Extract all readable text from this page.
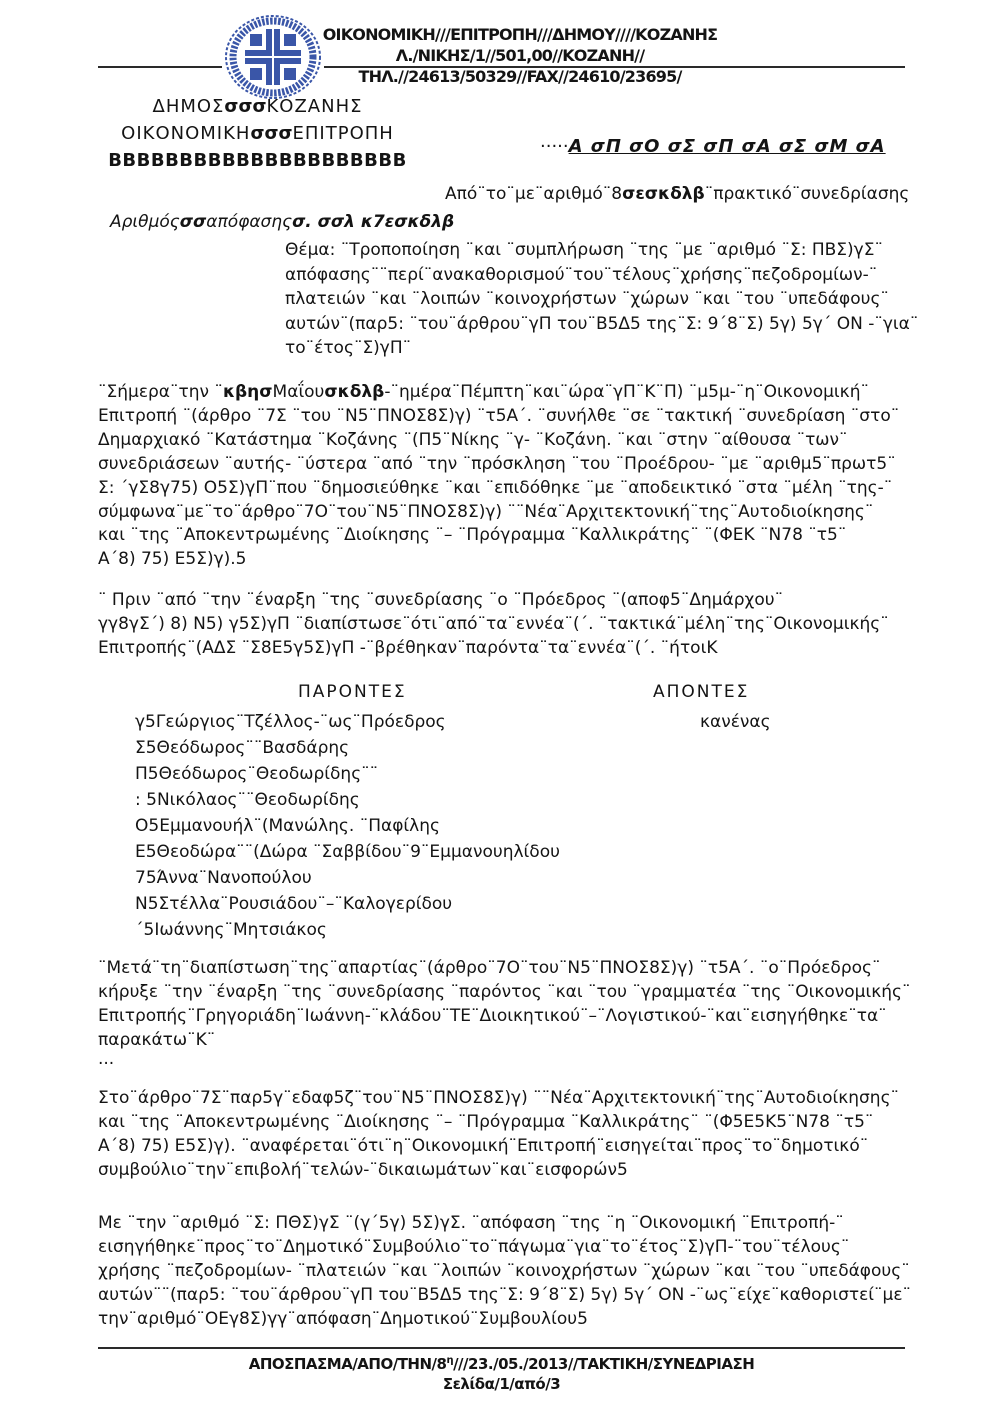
ΟΙΚΟΝΟΜΙΚΗ///ΕΠΙΤΡΟΠΗ///ΔΗΜΟΥ////ΚΟΖΑΝΗΣ
Λ./ΝΙΚΗΣ/1//501,00//ΚΟΖΑΝΗ//ΤΗΛ.//24613/50329//FAX//24610/23695/
ΔΗΜΟΣσσσΚΟΖΑΝΗΣ
ΟΙΚΟΝΟΜΙΚΗσσσΕΠΙΤΡΟΠΗ
ΒΒΒΒΒΒΒΒΒΒΒΒΒΒΒΒΒΒΒΒΒ
·····Α σΠ σΟ σΣ σΠ σΑ σΣ σΜ σΑ
Από¨το¨με¨αριθμό¨8σεσκδλβ¨πρακτικό¨συνεδρίασης
Αριθμόςσσαπόφασηςσ. σσλ κ7εσκδλβ
Θέμα: ¨Τροποποίηση ¨και ¨συμπλήρωση ¨της ¨με ¨αριθμό ¨Σ: ΠΒΣ)γΣ¨
απόφασης¨¨περί¨ανακαθορισμού¨του¨τέλους¨χρήσης¨πεζοδρομίων-¨
πλατειών ¨και ¨λοιπών ¨κοινοχρήστων ¨χώρων ¨και ¨του ¨υπεδάφους¨
αυτών¨(παρ5: ¨του¨άρθρου¨γΠ του¨Β5Δ5 της¨Σ: 9΄8¨Σ) 5γ) 5γ΄ ΟΝ -¨για¨
το¨έτος¨Σ)γΠ¨
¨Σήμερα¨την ¨κβησΜαΐουσκδλβ-¨ημέρα¨Πέμπτη¨και¨ώρα¨γΠ¨Κ¨Π) ¨μ5μ-¨η¨Οικονομική¨
Επιτροπή ¨(άρθρο ¨7Σ ¨του ¨Ν5¨ΠΝΟΣ8Σ)γ) ¨τ5Α΄. ¨συνήλθε ¨σε ¨τακτική ¨συνεδρίαση ¨στο¨
Δημαρχιακό ¨Κατάστημα ¨Κοζάνης ¨(Π5¨Νίκης ¨γ- ¨Κοζάνη. ¨και ¨στην ¨αίθουσα ¨των¨
συνεδριάσεων ¨αυτής- ¨ύστερα ¨από ¨την ¨πρόσκληση ¨του ¨Προέδρου- ¨με ¨αριθμ5¨πρωτ5¨
Σ: ΄γΣ8γ75) Ο5Σ)γΠ¨που ¨δημοσιεύθηκε ¨και ¨επιδόθηκε ¨με ¨αποδεικτικό ¨στα ¨μέλη ¨της-¨
σύμφωνα¨με¨το¨άρθρο¨7Ο¨του¨Ν5¨ΠΝΟΣ8Σ)γ) ¨¨Νέα¨Αρχιτεκτονική¨της¨Αυτοδιοίκησης¨
και ¨της ¨Αποκεντρωμένης ¨Διοίκησης ¨– ¨Πρόγραμμα ¨Καλλικράτης¨ ¨(ΦΕΚ ¨Ν78 ¨τ5¨
Α΄8) 75) Ε5Σ)γ).5
¨ Πριν ¨από ¨την ¨έναρξη ¨της ¨συνεδρίασης ¨ο ¨Πρόεδρος ¨(αποφ5¨Δημάρχου¨
γγ8γΣ΄) 8) Ν5) γ5Σ)γΠ ¨διαπίστωσε¨ότι¨από¨τα¨εννέα¨(΄. ¨τακτικά¨μέλη¨της¨Οικονομικής¨
Επιτροπής¨(ΑΔΣ ¨Σ8Ε5γ5Σ)γΠ -¨βρέθηκαν¨παρόντα¨τα¨εννέα¨(΄. ¨ήτοιΚ
ΠΑΡΟΝΤΕΣ	ΑΠΟΝΤΕΣ
γ5Γεώργιος¨Τζέλλος-¨ως¨Πρόεδρος
Σ5Θεόδωρος¨¨Βασδάρης
Π5Θεόδωρος¨Θεοδωρίδης¨¨
: 5Νικόλαος¨¨Θεοδωρίδης
Ο5Εμμανουήλ¨(Μανώλης. ¨Παφίλης
Ε5Θεοδώρα¨¨(Δώρα ¨Σαββίδου¨9¨Εμμανουηλίδου
75Άννα¨Νανοπούλου
Ν5Στέλλα¨Ρουσιάδου¨–¨Καλογερίδου
΄5Ιωάννης¨Μητσιάκος
κανένας
¨Μετά¨τη¨διαπίστωση¨της¨απαρτίας¨(άρθρο¨7Ο¨του¨Ν5¨ΠΝΟΣ8Σ)γ) ¨τ5Α΄. ¨ο¨Πρόεδρος¨
κήρυξε ¨την ¨έναρξη ¨της ¨συνεδρίασης ¨παρόντος ¨και ¨του ¨γραμματέα ¨της ¨Οικονομικής¨
Επιτροπής¨Γρηγοριάδη¨Ιωάννη-¨κλάδου¨ΤΕ¨Διοικητικού¨–¨Λογιστικού-¨και¨εισηγήθηκε¨τα¨
παρακάτω¨Κ¨
···
Στο¨άρθρο¨7Σ¨παρ5γ¨εδαφ5ζ¨του¨Ν5¨ΠΝΟΣ8Σ)γ) ¨¨Νέα¨Αρχιτεκτονική¨της¨Αυτοδιοίκησης¨
και ¨της ¨Αποκεντρωμένης ¨Διοίκησης ¨– ¨Πρόγραμμα ¨Καλλικράτης¨ ¨(Φ5Ε5Κ5¨Ν78 ¨τ5¨
Α΄8) 75) Ε5Σ)γ). ¨αναφέρεται¨ότι¨η¨Οικονομική¨Επιτροπή¨εισηγείται¨προς¨το¨δημοτικό¨
συμβούλιο¨την¨επιβολή¨τελών-¨δικαιωμάτων¨και¨εισφορών5
Με ¨την ¨αριθμό ¨Σ: ΠΘΣ)γΣ ¨(γ΄5γ) 5Σ)γΣ. ¨απόφαση ¨της ¨η ¨Οικονομική ¨Επιτροπή-¨
εισηγήθηκε¨προς¨το¨Δημοτικό¨Συμβούλιο¨το¨πάγωμα¨για¨το¨έτος¨Σ)γΠ-¨του¨τέλους¨
χρήσης ¨πεζοδρομίων- ¨πλατειών ¨και ¨λοιπών ¨κοινοχρήστων ¨χώρων ¨και ¨του ¨υπεδάφους¨
αυτών¨¨(παρ5: ¨του¨άρθρου¨γΠ του¨Β5Δ5 της¨Σ: 9΄8¨Σ) 5γ) 5γ΄ ΟΝ -¨ως¨είχε¨καθοριστεί¨με¨
την¨αριθμό¨ΟΕγ8Σ)γγ¨απόφαση¨Δημοτικού¨Συμβουλίου5
ΑΠΟΣΠΑΣΜΑ/$A\Pi O/THN/8^\eta///23./05./2013//TAKTIKH$/ΣΥΝΕΔΡΙΑΣΗ
Σελίδα/1/από/3
